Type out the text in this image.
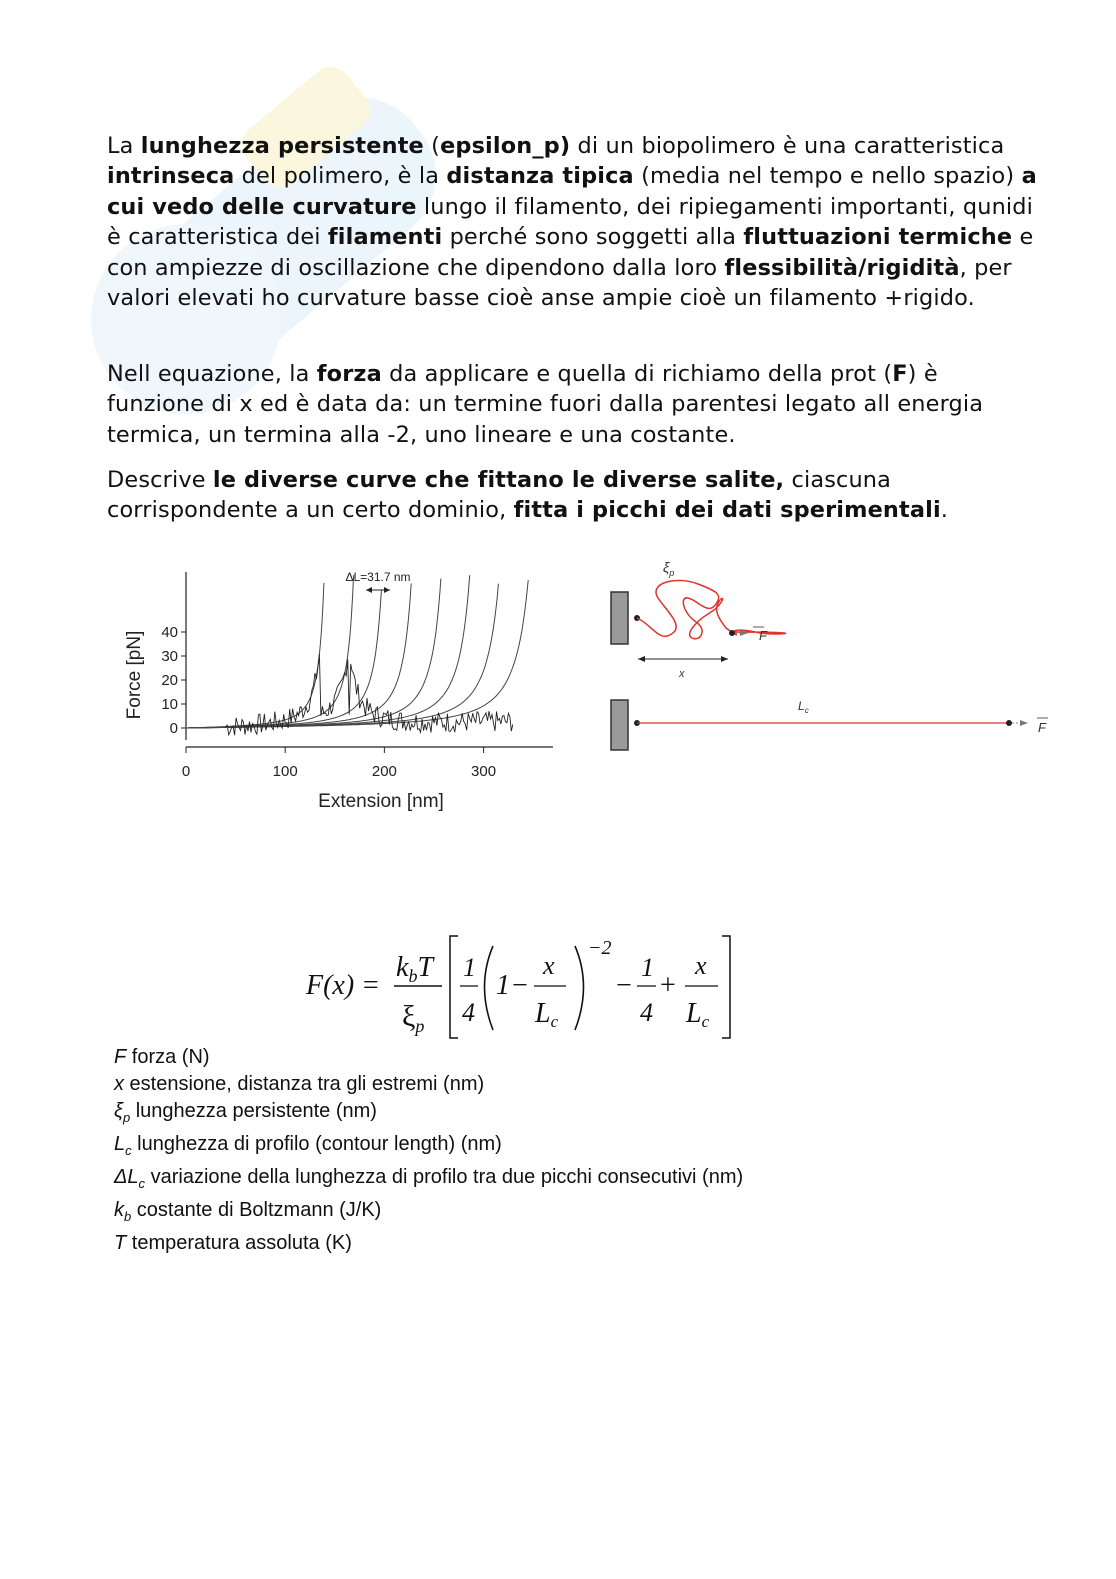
La lunghezza persistente (epsilon_p) di un biopolimero è una caratteristica intrinseca del polimero, è la distanza tipica (media nel tempo e nello spazio) a cui vedo delle curvature lungo il filamento, dei ripiegamenti importanti, qunidi è caratteristica dei filamenti perché sono soggetti alla fluttuazioni termiche e con ampiezze di oscillazione che dipendono dalla loro flessibilità/rigidità, per valori elevati ho curvature basse cioè anse ampie cioè un filamento +rigido.
Nell equazione, la forza da applicare e quella di richiamo della prot (F) è funzione di x ed è data da: un termine fuori dalla parentesi legato all energia termica, un termina alla -2, uno lineare e una costante.
Descrive le diverse curve che fittano le diverse salite, ciascuna corrispondente a un certo dominio, fitta i picchi dei dati sperimentali.
0
10
20
30
40
0	100	200	300
Force [pN]
Extension [nm]
ΔL=31.7 nm
F
$\xi_p$
x
F
$L_c$
F(x) =
$k_bT$
$\xi_p$
1
4
1 −
x
Lc
−2
−
1
4
+
x
Lc
F forza (N)
x estensione, distanza tra gli estremi (nm)
$\xi_p$ lunghezza persistente (nm)
$L_c$ lunghezza di profilo (contour length) (nm)
$\Delta L_c$ variazione della lunghezza di profilo tra due picchi consecutivi (nm)
$k_b$ costante di Boltzmann (J/K)
T temperatura assoluta (K)
